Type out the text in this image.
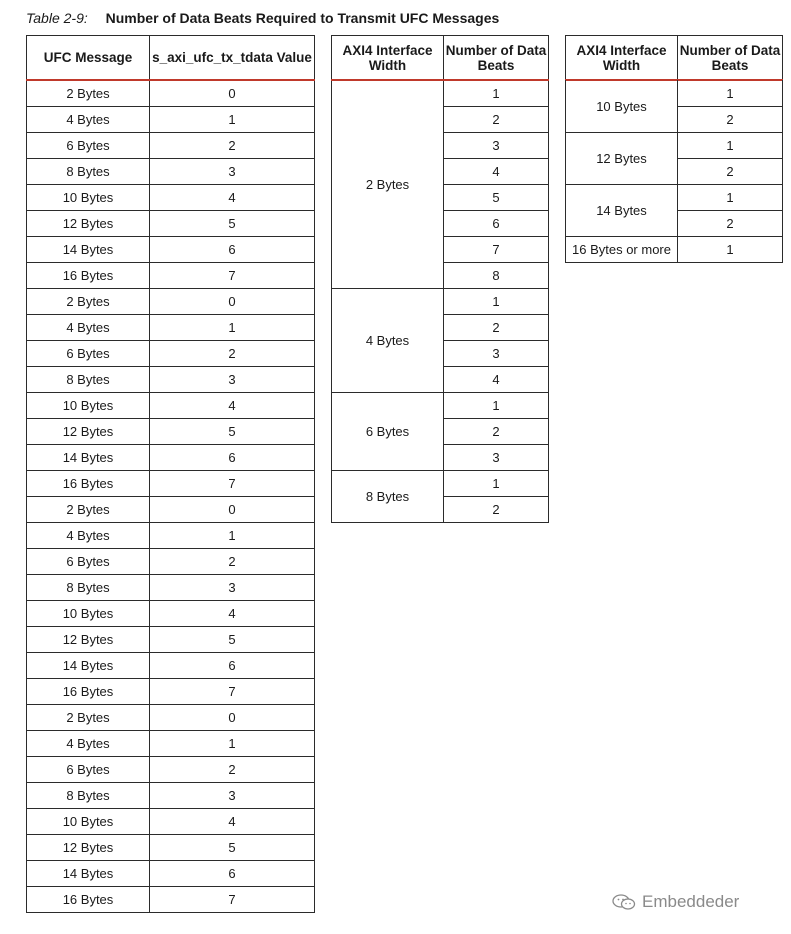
Table 2-9: Number of Data Beats Required to Transmit UFC Messages
UFC Message	s_axi_ufc_tx_tdata Value
2 Bytes	0
4 Bytes	1
6 Bytes	2
8 Bytes	3
10 Bytes	4
12 Bytes	5
14 Bytes	6
16 Bytes	7
2 Bytes	0
4 Bytes	1
6 Bytes	2
8 Bytes	3
10 Bytes	4
12 Bytes	5
14 Bytes	6
16 Bytes	7
2 Bytes	0
4 Bytes	1
6 Bytes	2
8 Bytes	3
10 Bytes	4
12 Bytes	5
14 Bytes	6
16 Bytes	7
2 Bytes	0
4 Bytes	1
6 Bytes	2
8 Bytes	3
10 Bytes	4
12 Bytes	5
14 Bytes	6
16 Bytes	7
AXI4 Interface Width	Number of Data Beats
2 Bytes	1
	2
	3
	4
	5
	6
	7
	8
4 Bytes	1

	2

	3

	4

6 Bytes	1

	2

	3

8 Bytes	1

	2

AXI4 Interface Width	Number of Data Beats
10 Bytes	1

	2

12 Bytes	1

	2

14 Bytes	1

	2
16 Bytes or more	1

Embeddeder
